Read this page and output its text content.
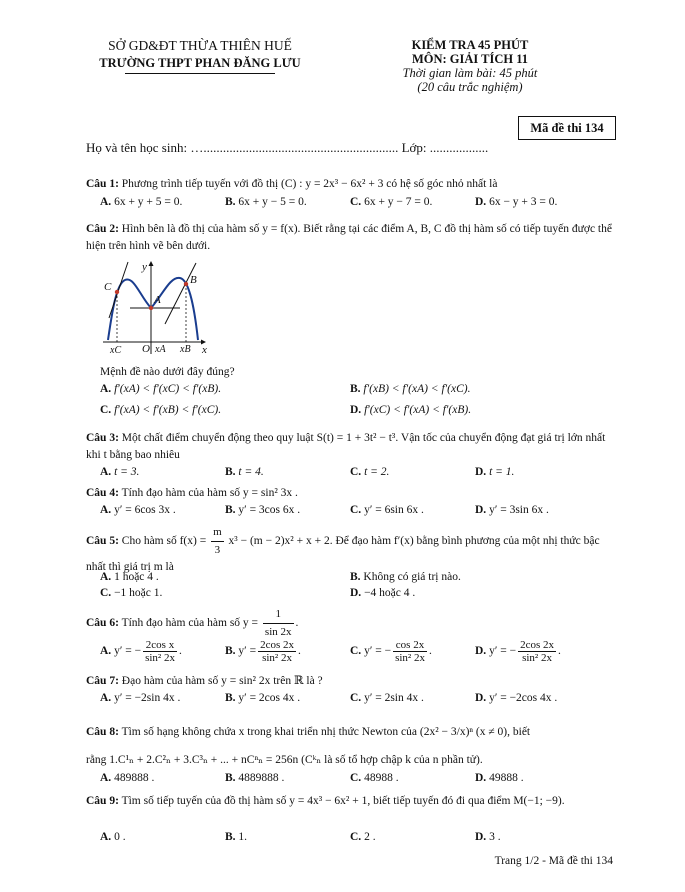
SỞ GD&ĐT THỪA THIÊN HUẾ
TRƯỜNG THPT PHAN ĐĂNG LƯU
KIỂM TRA 45 PHÚT
MÔN: GIẢI TÍCH 11
Thời gian làm bài: 45 phút
(20 câu trắc nghiệm)
Mã đề thi 134
Họ và tên học sinh: …............................................................ Lớp: ..................
Câu 1: Phương trình tiếp tuyến với đồ thị (C) : y = 2x³ − 6x² + 3 có hệ số góc nhỏ nhất là
A. 6x + y + 5 = 0.	B. 6x + y − 5 = 0.	C. 6x + y − 7 = 0.	D. 6x − y + 3 = 0.
Câu 2: Hình bên là đồ thị của hàm số y = f(x). Biết rằng tại các điểm A, B, C đồ thị hàm số có tiếp tuyến được thể hiện trên hình vẽ bên dưới.
y
x
O
A
B
C
xC	xA xB
Mệnh đề nào dưới đây đúng?
A. f′(xA) < f′(xC) < f′(xB).	B. f′(xB) < f′(xA) < f′(xC).
C. f′(xA) < f′(xB) < f′(xC).	D. f′(xC) < f′(xA) < f′(xB).
Câu 3: Một chất điểm chuyển động theo quy luật S(t) = 1 + 3t² − t³. Vận tốc của chuyển động đạt giá trị lớn nhất khi t bằng bao nhiêu
A. t = 3.	B. t = 4.	C. t = 2.	D. t = 1.
Câu 4: Tính đạo hàm của hàm số y = sin² 3x .
A. y′ = 6cos 3x .	B. y′ = 3cos 6x .	C. y′ = 6sin 6x .	D. y′ = 3sin 6x .
Câu 5: Cho hàm số $f(x) = \frac{m}{3} x^3 - (m - 2)x^2 + x + 2$. Để đạo hàm f′(x) bằng bình phương của một nhị thức bậc nhất thì giá trị m là
A. 1 hoặc 4 .	B. Không có giá trị nào.
C. −1 hoặc 1.	D. −4 hoặc 4 .
Câu 6: Tính đạo hàm của hàm số $y = \frac{1}{\sin 2x}$ .
A. y′ = − $\frac{\text{2cos x}}{\text{sin² 2x}}$ .	B. $y' = \frac{2\cos 2x}{\text{sin² 2x}}$ .	C. y′ = − $\frac{\cos 2x}{\text{sin² 2x}}$ .	D. y′ = − $\frac{2\cos 2x}{\text{sin² 2x}}$ .
Câu 7: Đạo hàm của hàm số y = sin² 2x trên ℝ là ?
A. y′ = −2sin 4x .	B. y′ = 2cos 4x .	C. y′ = 2sin 4x .	D. y′ = −2cos 4x .
Câu 8: Tìm số hạng không chứa x trong khai triển nhị thức Newton của (2x² − 3/x)ⁿ (x ≠ 0), biết
rằng 1.C¹ₙ + 2.C²ₙ + 3.C³ₙ + ... + nCⁿₙ = 256n (Cᵏₙ là số tổ hợp chập k của n phần tử).
A. 489888 .	B. 4889888 .	C. 48988 .	D. 49888 .
Câu 9: Tìm số tiếp tuyến của đồ thị hàm số y = 4x³ − 6x² + 1, biết tiếp tuyến đó đi qua điểm M(−1; −9).
A. 0 .	B. 1.	C. 2 .	D. 3 .
Trang 1/2 - Mã đề thi 134
